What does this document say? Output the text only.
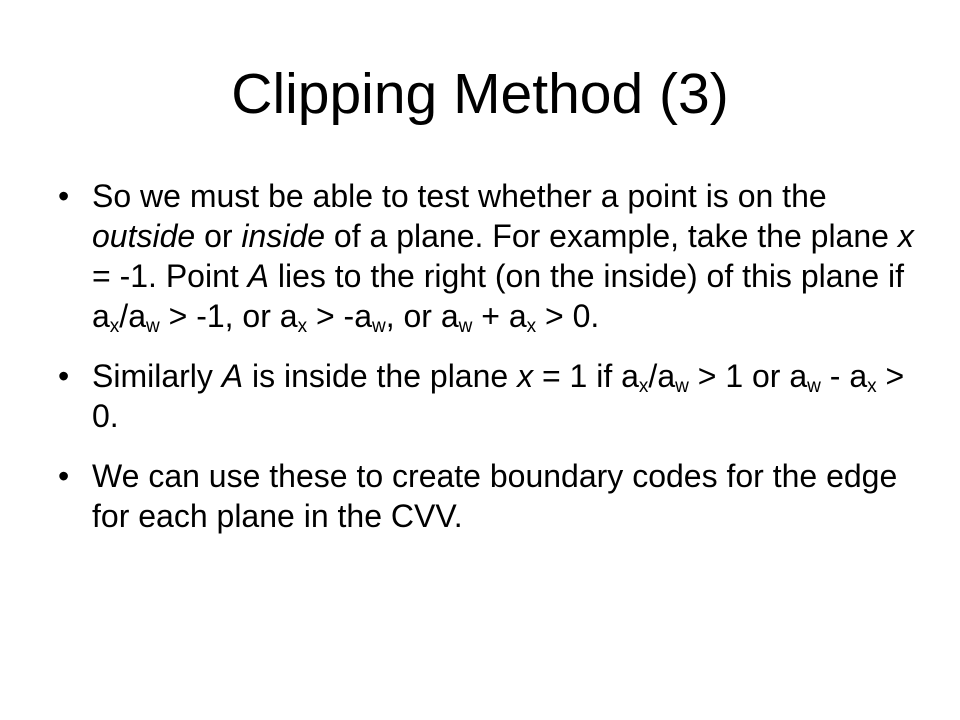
Clipping Method (3)
• So we must be able to test whether a point is on the outside or inside of a plane. For example, take the plane x = -1. Point A lies to the right (on the inside) of this plane if $a_x/a_w > -1$, or $a_x > -a_w$, or $a_w + a_x > 0$.
• Similarly A is inside the plane x = 1 if $a_x/a_w > 1$ or $a_w - a_x > 0$.
• We can use these to create boundary codes for the edge for each plane in the CVV.
